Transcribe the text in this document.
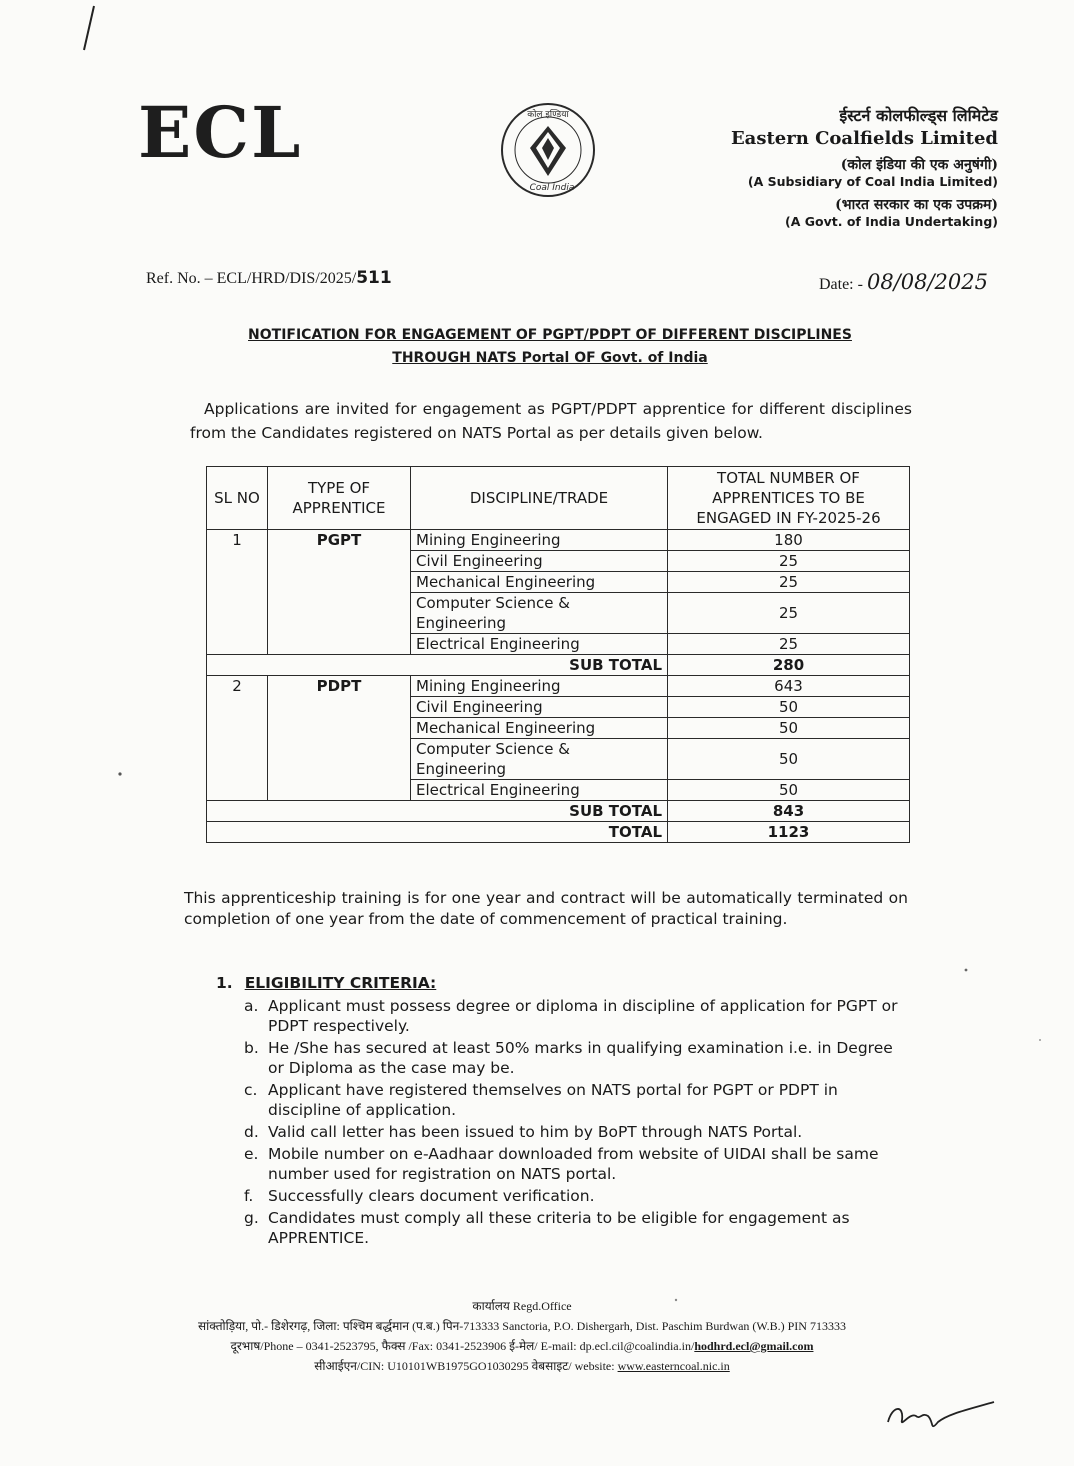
ECL	कोल इण्डिया
Coal India
ईस्टर्न कोलफील्ड्स लिमिटेड
Eastern Coalfields Limited
(कोल इंडिया की एक अनुषंगी)
(A Subsidiary of Coal India Limited)
(भारत सरकार का एक उपक्रम)
(A Govt. of India Undertaking)
Ref. No. – ECL/HRD/DIS/2025/511	Date: - 08/08/2025
NOTIFICATION FOR ENGAGEMENT OF PGPT/PDPT OF DIFFERENT DISCIPLINES
THROUGH NATS Portal OF Govt. of India

Applications are invited for engagement as PGPT/PDPT apprentice for different disciplines from the Candidates registered on NATS Portal as per details given below.

SL NO	TYPE OF APPRENTICE	DISCIPLINE/TRADE	TOTAL NUMBER OF APPRENTICES TO BE ENGAGED IN FY-2025-26
1	PGPT	Mining Engineering	180
		Civil Engineering	25
		Mechanical Engineering	25
		Computer Science & Engineering	25
		Electrical Engineering	25
SUB TOTAL			280
2	PDPT	Mining Engineering	643
		Civil Engineering	50
		Mechanical Engineering	50
		Computer Science & Engineering	50
		Electrical Engineering	50
SUB TOTAL			843
TOTAL			1123
This apprenticeship training is for one year and contract will be automatically terminated on completion of one year from the date of commencement of practical training.
1. ELIGIBILITY CRITERIA:
a. Applicant must possess degree or diploma in discipline of application for PGPT or PDPT respectively.
b. He /She has secured at least 50% marks in qualifying examination i.e. in Degree or Diploma as the case may be.
c. Applicant have registered themselves on NATS portal for PGPT or PDPT in discipline of application.
d. Valid call letter has been issued to him by BoPT through NATS Portal.
e. Mobile number on e-Aadhaar downloaded from website of UIDAI shall be same number used for registration on NATS portal.
f. Successfully clears document verification.
g. Candidates must comply all these criteria to be eligible for engagement as APPRENTICE.
कार्यालय Regd.Office
सांक्तोड़िया, पो.- डिशेरगढ़, जिला: पश्चिम बर्द्धमान (प.ब.) पिन-713333 Sanctoria, P.O. Dishergarh, Dist. Paschim Burdwan (W.B.) PIN 713333
दूरभाष/Phone – 0341-2523795, फैक्स /Fax: 0341-2523906 ई-मेल/ E-mail: dp.ecl.cil@coalindia.in/hodhrd.ecl@gmail.com
सीआईएन/CIN: U10101WB1975GO1030295 वेबसाइट/ website: www.easterncoal.nic.in
